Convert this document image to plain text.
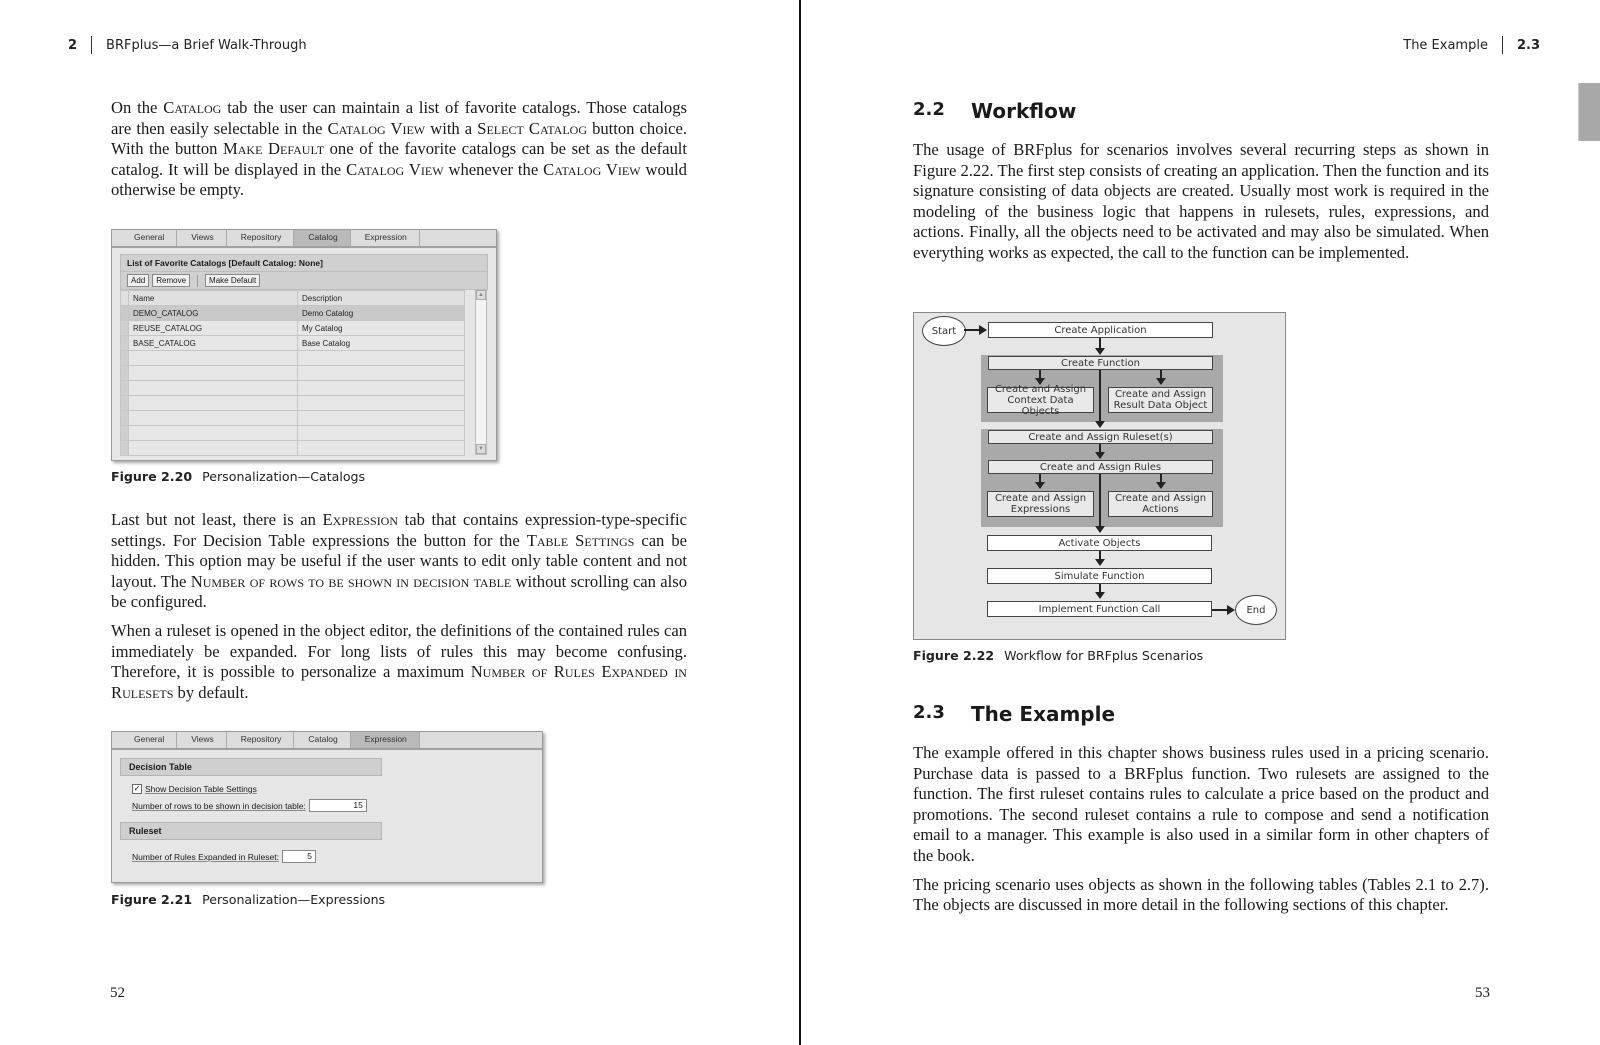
2 BRFplus—a Brief Walk-Through

On the Catalog tab the user can maintain a list of favorite catalogs. Those catalogs are then easily selectable in the Catalog View with a Select Catalog button choice. With the button Make Default one of the favorite catalogs can be set as the default catalog. It will be displayed in the Catalog View whenever the Catalog View would otherwise be empty.

General	Views	Repository	Catalog	Expression
List of Favorite Catalogs [Default Catalog: None]
Add	Remove	Make Default
	Name	Description
	DEMO_CATALOG	Demo Catalog
	REUSE_CATALOG	My Catalog
	BASE_CATALOG	Base Catalog

▲
▼
Figure 2.20 Personalization—Catalogs

Last but not least, there is an Expression tab that contains expression-type-specific settings. For Decision Table expressions the button for the Table Settings can be hidden. This option may be useful if the user wants to edit only table content and not layout. The Number of rows to be shown in decision table without scrolling can also be configured.

When a ruleset is opened in the object editor, the definitions of the contained rules can immediately be expanded. For long lists of rules this may become confusing. Therefore, it is possible to personalize a maximum Number of Rules Expanded in Rulesets by default.

General	Views	Repository	Catalog	Expression
Decision Table
✓ Show Decision Table Settings
Number of rows to be shown in decision table:	15
Ruleset
Number of Rules Expanded in Ruleset:	5
Figure 2.21 Personalization—Expressions
52
The Example 2.3
2.2	Workflow

The usage of BRFplus for scenarios involves several recurring steps as shown in Figure 2.22. The first step consists of creating an application. Then the function and its signature consisting of data objects are created. Usually most work is required in the modeling of the business logic that happens in rulesets, rules, expressions, and actions. Finally, all the objects need to be activated and may also be simulated. When everything works as expected, the call to the function can be implemented.

Start	Create Application
Create Function
Create and Assign Context Data Objects
Create and Assign Result Data Object
Create and Assign Ruleset(s)
Create and Assign Rules
Create and Assign Expressions
Create and Assign Actions
Activate Objects
Simulate Function
Implement Function Call	End
Figure 2.22 Workflow for BRFplus Scenarios
2.3	The Example

The example offered in this chapter shows business rules used in a pricing scenario. Purchase data is passed to a BRFplus function. Two rulesets are assigned to the function. The first ruleset contains rules to calculate a price based on the product and promotions. The second ruleset contains a rule to compose and send a notification email to a manager. This example is also used in a similar form in other chapters of the book.

The pricing scenario uses objects as shown in the following tables (Tables 2.1 to 2.7). The objects are discussed in more detail in the following sections of this chapter.

53
